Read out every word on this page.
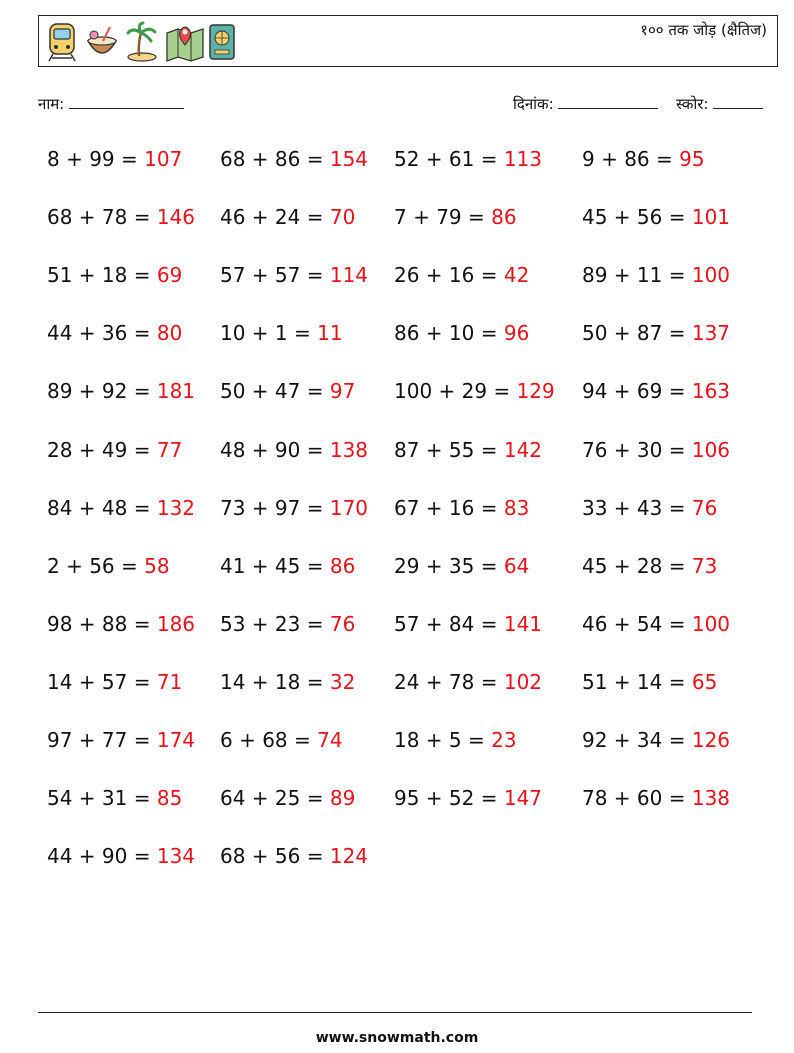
१०० तक जोड़ (क्षैतिज)
नाम:	दिनांक:	स्कोर:
8 + 99 = 107 68 + 86 = 154 52 + 61 = 113 9 + 86 = 95
68 + 78 = 146 46 + 24 = 70 7 + 79 = 86	45 + 56 = 101
51 + 18 = 69 57 + 57 = 114 26 + 16 = 42	89 + 11 = 100
44 + 36 = 80 10 + 1 = 11	86 + 10 = 96	50 + 87 = 137
89 + 92 = 181 50 + 47 = 97 100 + 29 = 129 94 + 69 = 163
28 + 49 = 77 48 + 90 = 138 87 + 55 = 142 76 + 30 = 106
84 + 48 = 132 73 + 97 = 170 67 + 16 = 83	33 + 43 = 76
2 + 56 = 58	41 + 45 = 86 29 + 35 = 64	45 + 28 = 73
98 + 88 = 186 53 + 23 = 76 57 + 84 = 141 46 + 54 = 100
14 + 57 = 71 14 + 18 = 32 24 + 78 = 102 51 + 14 = 65
97 + 77 = 174 6 + 68 = 74	18 + 5 = 23	92 + 34 = 126
54 + 31 = 85 64 + 25 = 89 95 + 52 = 147 78 + 60 = 138
44 + 90 = 134 68 + 56 = 124
www.snowmath.com
